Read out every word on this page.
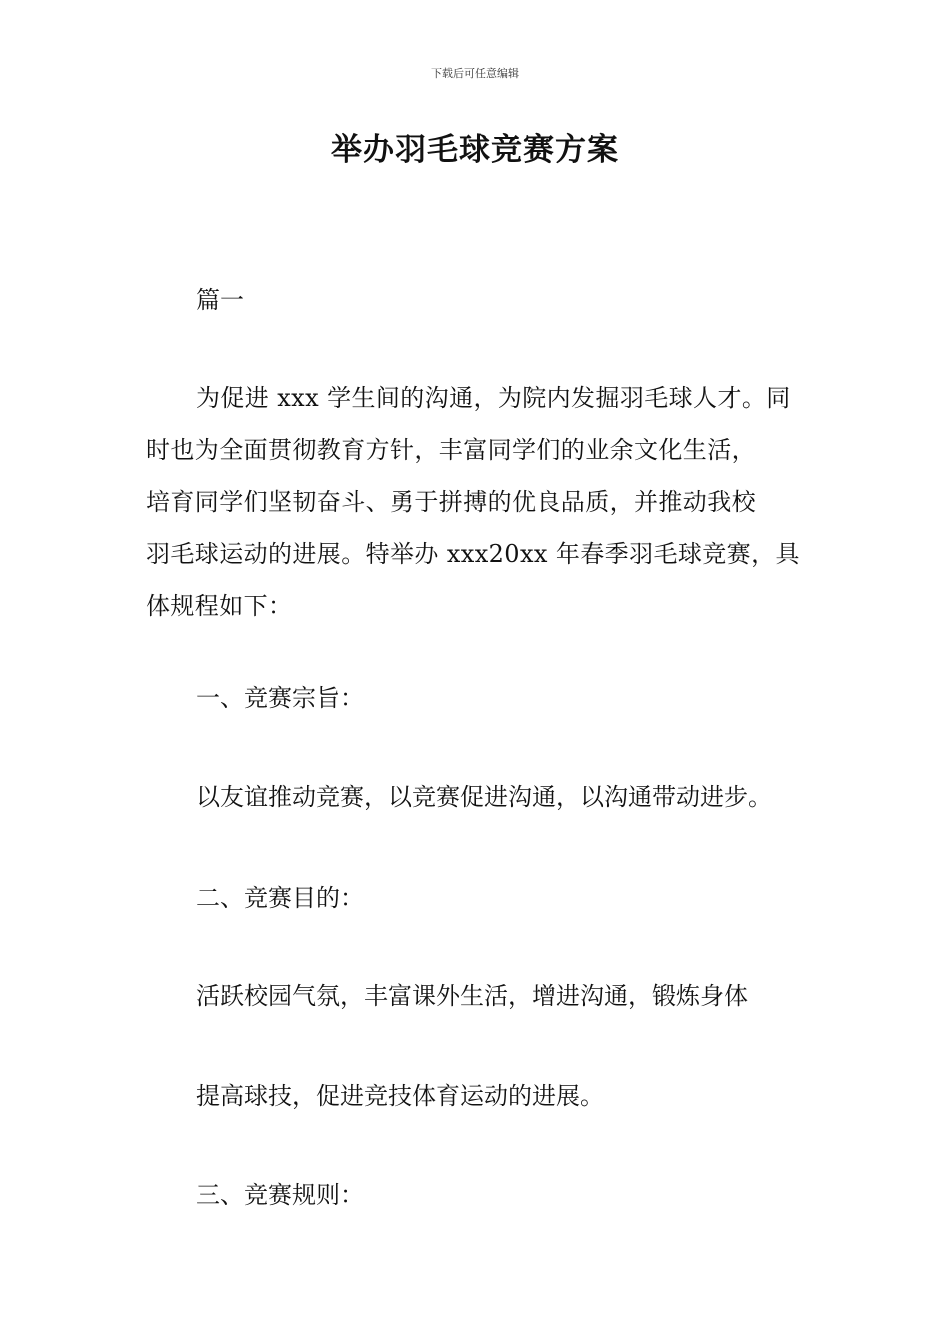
下载后可任意编辑
举办羽毛球竞赛方案

篇一

为促进 xxx 学生间的沟通，为院内发掘羽毛球人才。同
时也为全面贯彻教育方针，丰富同学们的业余文化生活，
培育同学们坚韧奋斗、勇于拼搏的优良品质，并推动我校
羽毛球运动的进展。特举办 xxx20xx 年春季羽毛球竞赛，具
体规程如下：

一、竞赛宗旨：

以友谊推动竞赛，以竞赛促进沟通，以沟通带动进步。

二、竞赛目的：

活跃校园气氛，丰富课外生活，增进沟通，锻炼身体

提高球技，促进竞技体育运动的进展。

三、竞赛规则：
